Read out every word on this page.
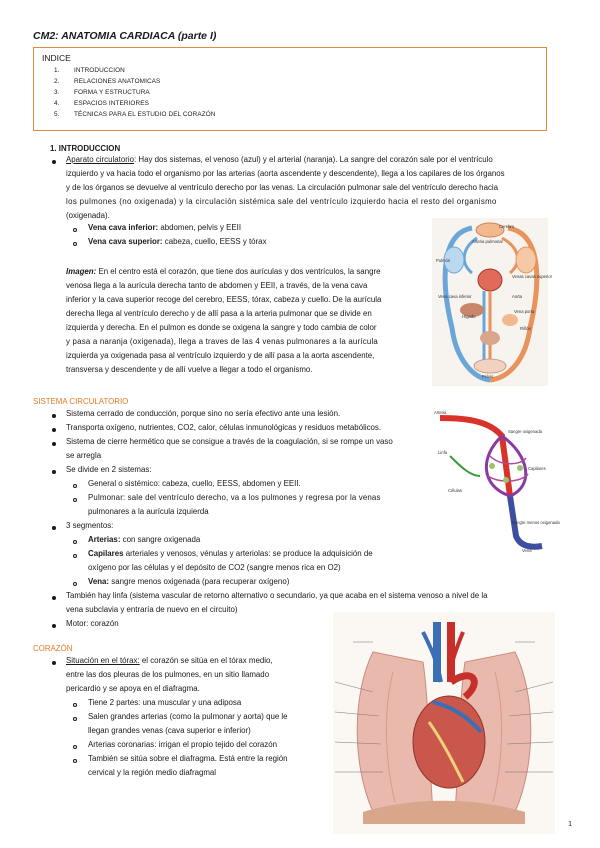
CM2: ANATOMIA CARDIACA (parte I)
INDICE
1. INTRODUCCION
2. RELACIONES ANATOMICAS
3. FORMA Y ESTRUCTURA
4. ESPACIOS INTERIORES
5. TÉCNICAS PARA EL ESTUDIO DEL CORAZÓN
1. INTRODUCCION
Aparato circulatorio: Hay dos sistemas, el venoso (azul) y el arterial (naranja). La sangre del corazón sale por el ventrículo
izquierdo y va hacia todo el organismo por las arterias (aorta ascendente y descendente), llega a los capilares de los órganos
y de los órganos se devuelve al ventrículo derecho por las venas. La circulación pulmonar sale del ventrículo derecho hacia
los pulmones (no oxigenada) y la circulación sistémica sale del ventrículo izquierdo hacia el resto del organismo
(oxigenada).
Vena cava inferior: abdomen, pelvis y EEII
Vena cava superior: cabeza, cuello, EESS y tórax
Imagen: En el centro está el corazón, que tiene dos aurículas y dos ventrículos, la sangre
venosa llega a la aurícula derecha tanto de abdomen y EEII, a través, de la vena cava
inferior y la cava superior recoge del cerebro, EESS, tórax, cabeza y cuello. De la aurícula
derecha llega al ventrículo derecho y de allí pasa a la arteria pulmonar que se divide en
izquierda y derecha. En el pulmon es donde se oxigena la sangre y todo cambia de color
y pasa a naranja (oxigenada), llega a traves de las 4 venas pulmonares a la aurícula
izquierda ya oxigenada pasa al ventrículo izquierdo y de allí pasa a la aorta ascendente,
transversa y descendente y de allí vuelve a llegar a todo el organismo.
Cerebro
Arteria pulmonar
Pulmón
Venas cavas superior
Aorta
Vena porta
Hígado
Riñón
Pelvis
Vena cava inferior
SISTEMA CIRCULATORIO
Sistema cerrado de conducción, porque sino no sería efectivo ante una lesión.
Transporta oxígeno, nutrientes, CO2, calor, células inmunológicas y residuos metabólicos.
Sistema de cierre hermético que se consigue a través de la coagulación, si se rompe un vaso
se arregla
Se divide en 2 sistemas:
General o sistémico: cabeza, cuello, EESS, abdomen y EEII.
Pulmonar: sale del ventrículo derecho, va a los pulmones y regresa por la venas
pulmonares a la aurícula izquierda
3 segmentos:
Arterias: con sangre oxigenada
Capilares arteriales y venosos, vénulas y arteriolas: se produce la adquisición de
oxígeno por las células y el depósito de CO2 (sangre menos rica en O2)
Vena: sangre menos oxigenada (para recuperar oxígeno)
También hay linfa (sistema vascular de retorno alternativo o secundario, ya que acaba en el sistema venoso a nivel de la
vena subclavia y entraría de nuevo en el circuito)
Motor: corazón
Arteria
Sangre oxigenada
Linfa
Capilares
Células
Sangre menos oxigenada
Vena
CORAZÓN
Situación en el tórax: el corazón se sitúa en el tórax medio,
entre las dos pleuras de los pulmones, en un sitio llamado
pericardio y se apoya en el diafragma.
Tiene 2 partes: una muscular y una adiposa
Salen grandes arterias (como la pulmonar y aorta) que le
llegan grandes venas (cava superior e inferior)
Arterias coronarias: irrigan el propio tejido del corazón
También se sitúa sobre el diafragma. Está entre la región
cervical y la región medio diafragmal
1
